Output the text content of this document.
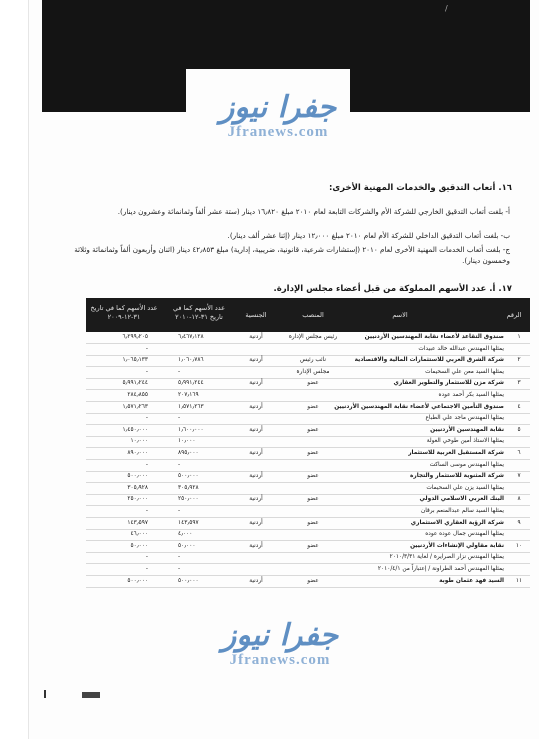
/
جفرا نيوز
Jfranews.com
١٦. أتعاب التدقيق والخدمات المهنية الأخرى:
أ- بلغت أتعاب التدقيق الخارجي للشركة الأم والشركات التابعة لعام ٢٠١٠ مبلغ ١٦٫٨٢٠ دينار (ستة عشر ألفاً وثمانمائة وعشرون دينار).
ب- بلغت أتعاب التدقيق الداخلي للشركة الأم لعام ٢٠١٠ مبلغ ١٢٫٠٠٠ دينار (إثنا عشر ألف دينار).
ج- بلغت أتعاب الخدمات المهنية الأخرى لعام ٢٠١٠ (إستشارات شرعية، قانونية، ضريبية، إدارية) مبلغ ٤٢٫٨٥٣ دينار (اثنان وأربعون ألفاً وثمانمائة وثلاثة وخمسون دينار).
١٧. أ. عدد الأسهم المملوكة من قبل أعضاء مجلس الإدارة.
الرقم
الاسم
المنصب
الجنسية
عدد الأسهم كما في تاريخ ٣١-١٢-٢٠١٠
عدد الأسهم كما في تاريخ ٣١-١٢-٢٠٠٩
١
صندوق التقاعد لأعضاء نقابة المهندسين الأردنيين
رئيس مجلس الإدارة
أردنية
٦٫٤٦٧٫١٢٨
٦٫٢٩٩٫٢٠٥
يمثلها المهندس عبدالله خالد عبيدات
-
٢
شركة الشرق العربي للاستثمارات المالية والاقتصادية
نائب رئيس
أردنية
١٫٠٦٠٫٧٨٦
١٫٠٦٥٫١٣٣
يمثلها السيد معن علي السحيمات
مجلس الإدارة
-
-
٣
شركة مزن للاستثمار والتطوير العقاري
عضو
أردنية
٥٫٩٩١٫٢٤٤
٥٫٩٩١٫٢٤٤
يمثلها السيد بكر أحمد عوده
٢٠٧٫١٦٩
٢٨٤٫٨٥٥
٤
صندوق التأمين الاجتماعي لأعضاء نقابة المهندسين الأردنيين
عضو
أردنية
١٫٥٧١٫٢٦٣
١٫٥٧١٫٢٦٣
يمثلها المهندس ماجد علي الطباع
-
-
٥
نقابة المهندسين الأردنيين
عضو
أردنية
١٫٦٠٠٫٠٠٠
١٫٤٥٠٫٠٠٠
يمثلها الاستاذ أمين طوخي الغولة
١٠٫٠٠٠
١٠٫٠٠٠
٦
شركة المستقبل العربية للاستثمار
عضو
أردنية
٨٩٥٫٠٠٠
٨٩٠٫٠٠٠
يمثلها المهندس موسى الساكت
-
-
٧
شركة المثنوية للاستثمار والتجارة
عضو
أردنية
٥٠٠٫٠٠٠
٥٠٠٫٠٠٠
يمثلها السيد يزن علي السحيمات
٣٠٥٫٩٢٨
٣٠٥٫٩٢٨
٨
البنك العربي الاسلامي الدولي
عضو
أردنية
٢٥٠٫٠٠٠
٢٥٠٫٠٠٠
يمثلها السيد سالم عبدالمنعم برقان
-
-
٩
شركة الرؤية العقاري الاستثماري
عضو
أردنية
١٤٣٫٥٩٧
١٤٣٫٥٩٧
يمثلها المهندس جمال عوده عوده
٤٫٠٠٠
٤٦٫٠٠٠
١٠
نقابة مقاولي الإنشاءات الأردنيين
عضو
أردنية
٥٠٫٠٠٠
٥٠٫٠٠٠
يمثلها المهندس نزار الصرايرة / لغاية ٢٠١٠/٣/٣١
-
-
يمثلها المهندس أحمد الطراونة / إعتباراً من ٢٠١٠/٤/١
-
-
١١
السيد فهد عثمان طوبة
عضو
أردنية
٥٠٠٫٠٠٠
٥٠٠٫٠٠٠
جفرا نيوز
Jfranews.com
